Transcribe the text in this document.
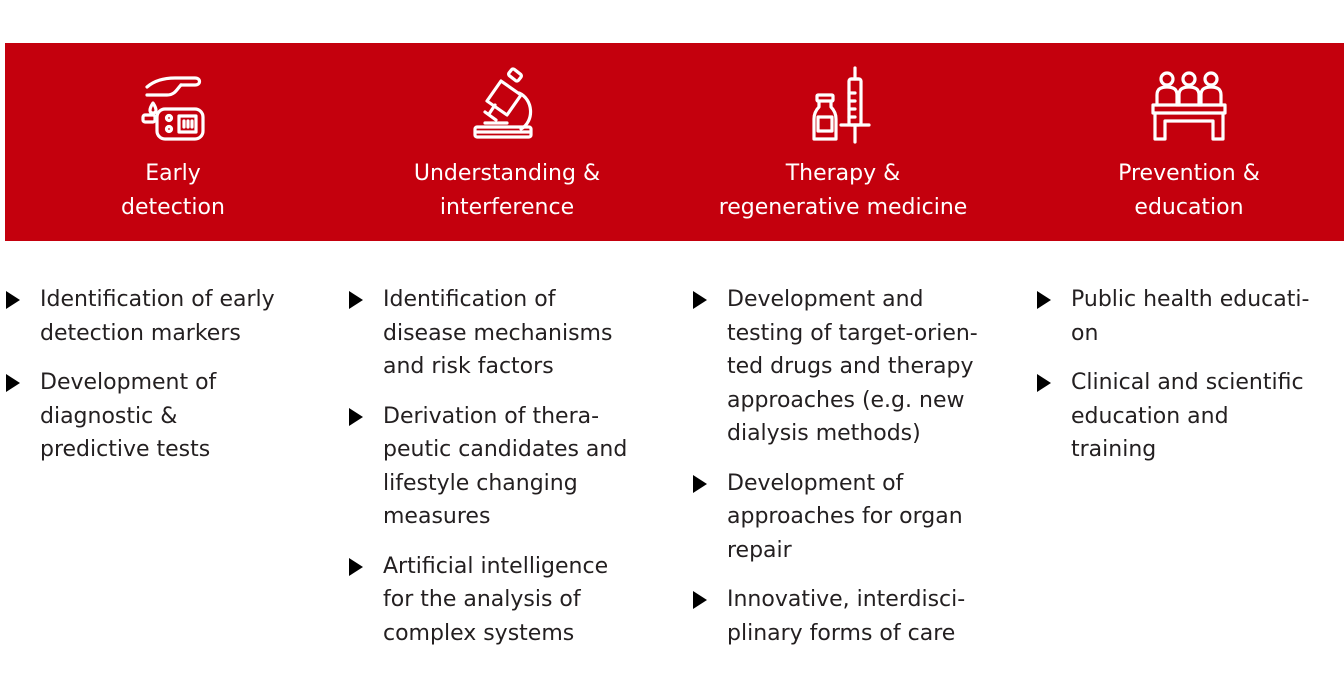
Early
detection
Understanding &
interference
Therapy &
regenerative medicine
Prevention &
education
Identification of early
detection markers
Development of
diagnostic &
predictive tests
Identification of
disease mechanisms
and risk factors
Derivation of thera-
peutic candidates and
lifestyle changing
measures
Artificial intelligence
for the analysis of
complex systems
Development and
testing of target-orien-
ted drugs and therapy
approaches (e.g. new
dialysis methods)
Development of
approaches for organ
repair
Innovative, interdisci-
plinary forms of care
Public health educati-
on
Clinical and scientific
education and
training
